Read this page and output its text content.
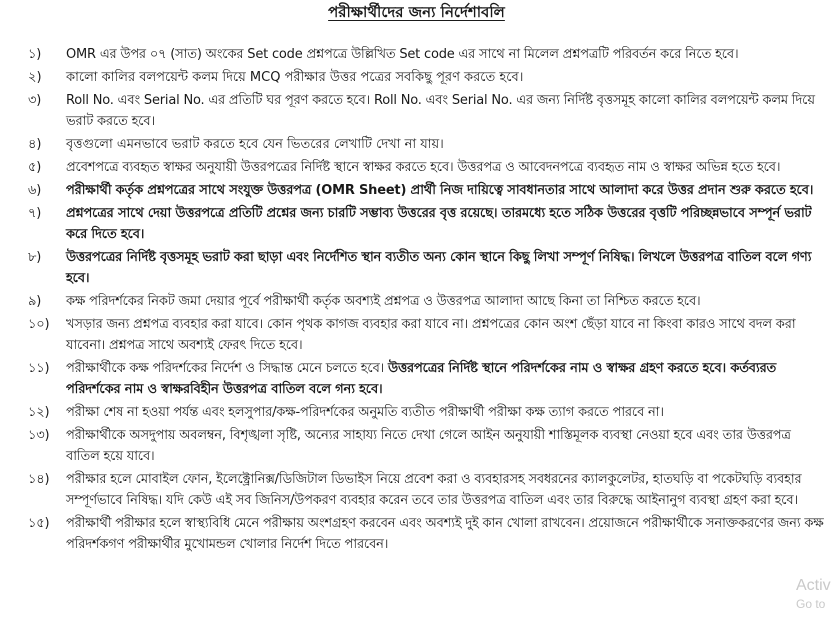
পরীক্ষার্থীদের জন্য নির্দেশাবলি
১)	OMR এর উপর ০৭ (সাত) অংকের Set code প্রশ্নপত্রে উল্লিখিত Set code এর সাথে না মিলেল প্রশ্নপত্রটি পরিবর্তন করে নিতে হবে।
২)	কালো কালির বলপয়েন্ট কলম দিয়ে MCQ পরীক্ষার উত্তর পত্রের সবকিছু পূরণ করতে হবে।
৩)	Roll No. এবং Serial No. এর প্রতিটি ঘর পূরণ করতে হবে। Roll No. এবং Serial No. এর জন্য নির্দিষ্ট বৃত্তসমূহ কালো কালির বলপয়েন্ট কলম দিয়ে ভরাট করতে হবে।
৪)	বৃত্তগুলো এমনভাবে ভরাট করতে হবে যেন ভিতরের লেখাটি দেখা না যায়।
৫)	প্রবেশপত্রে ব্যবহৃত স্বাক্ষর অনুযায়ী উত্তরপত্রের নির্দিষ্ট স্থানে স্বাক্ষর করতে হবে। উত্তরপত্র ও আবেদনপত্রে ব্যবহৃত নাম ও স্বাক্ষর অভিন্ন হতে হবে।
৬)	পরীক্ষার্থী কর্তৃক প্রশ্নপত্রের সাথে সংযুক্ত উত্তরপত্র (OMR Sheet) প্রার্থী নিজ দায়িত্বে সাবধানতার সাথে আলাদা করে উত্তর প্রদান শুরু করতে হবে।
৭)	প্রশ্নপত্রের সাথে দেয়া উত্তরপত্রে প্রতিটি প্রশ্নের জন্য চারটি সম্ভাব্য উত্তরের বৃত্ত রয়েছে। তারমধ্যে হতে সঠিক উত্তরের বৃত্তটি পরিচ্ছন্নভাবে সম্পূর্ন ভরাট করে দিতে হবে।
৮)	উত্তরপত্রের নির্দিষ্ট বৃত্তসমূহ ভরাট করা ছাড়া এবং নির্দেশিত স্থান ব্যতীত অন্য কোন স্থানে কিছু লিখা সম্পূর্ণ নিষিদ্ধ। লিখলে উত্তরপত্র বাতিল বলে গণ্য হবে।
৯)	কক্ষ পরিদর্শকের নিকট জমা দেয়ার পূর্বে পরীক্ষার্থী কর্তৃক অবশ্যই প্রশ্নপত্র ও উত্তরপত্র আলাদা আছে কিনা তা নিশ্চিত করতে হবে।
১০)	খসড়ার জন্য প্রশ্নপত্র ব্যবহার করা যাবে। কোন পৃথক কাগজ ব্যবহার করা যাবে না। প্রশ্নপত্রের কোন অংশ ছেঁড়া যাবে না কিংবা কারও সাথে বদল করা যাবেনা। প্রশ্নপত্র সাথে অবশ্যই ফেরৎ দিতে হবে।
১১)	পরীক্ষার্থীকে কক্ষ পরিদর্শকের নির্দেশ ও সিদ্ধান্ত মেনে চলতে হবে। উত্তরপত্রের নির্দিষ্ট স্থানে পরিদর্শকের নাম ও স্বাক্ষর গ্রহণ করতে হবে। কর্তব্যরত পরিদর্শকের নাম ও স্বাক্ষরবিহীন উত্তরপত্র বাতিল বলে গন্য হবে।
১২)	পরীক্ষা শেষ না হওয়া পর্যন্ত এবং হলসুপার/কক্ষ-পরিদর্শকের অনুমতি ব্যতীত পরীক্ষার্থী পরীক্ষা কক্ষ ত্যাগ করতে পারবে না।
১৩)	পরীক্ষার্থীকে অসদুপায় অবলম্বন, বিশৃঙ্খলা সৃষ্টি, অন্যের সাহায্য নিতে দেখা গেলে আইন অনুযায়ী শাস্তিমূলক ব্যবস্থা নেওয়া হবে এবং তার উত্তরপত্র বাতিল হয়ে যাবে।
১৪)	পরীক্ষার হলে মোবাইল ফোন, ইলেক্ট্রোনিক্স/ডিজিটাল ডিভাইস নিয়ে প্রবেশ করা ও ব্যবহারসহ সবধরনের ক্যালকুলেটর, হাতঘড়ি বা পকেটঘড়ি ব্যবহার সম্পূর্ণভাবে নিষিদ্ধ। যদি কেউ এই সব জিনিস/উপকরণ ব্যবহার করেন তবে তার উত্তরপত্র বাতিল এবং তার বিরুদ্ধে আইনানুগ ব্যবস্থা গ্রহণ করা হবে।
১৫)	পরীক্ষার্থী পরীক্ষার হলে স্বাস্থ্যবিধি মেনে পরীক্ষায় অংশগ্রহণ করবেন এবং অবশ্যই দুই কান খোলা রাখবেন। প্রয়োজনে পরীক্ষার্থীকে সনাক্তকরণের জন্য কক্ষ পরিদর্শকগণ পরীক্ষার্থীর মুখোমন্ডল খোলার নির্দেশ দিতে পারবেন।
Activ
Go to
